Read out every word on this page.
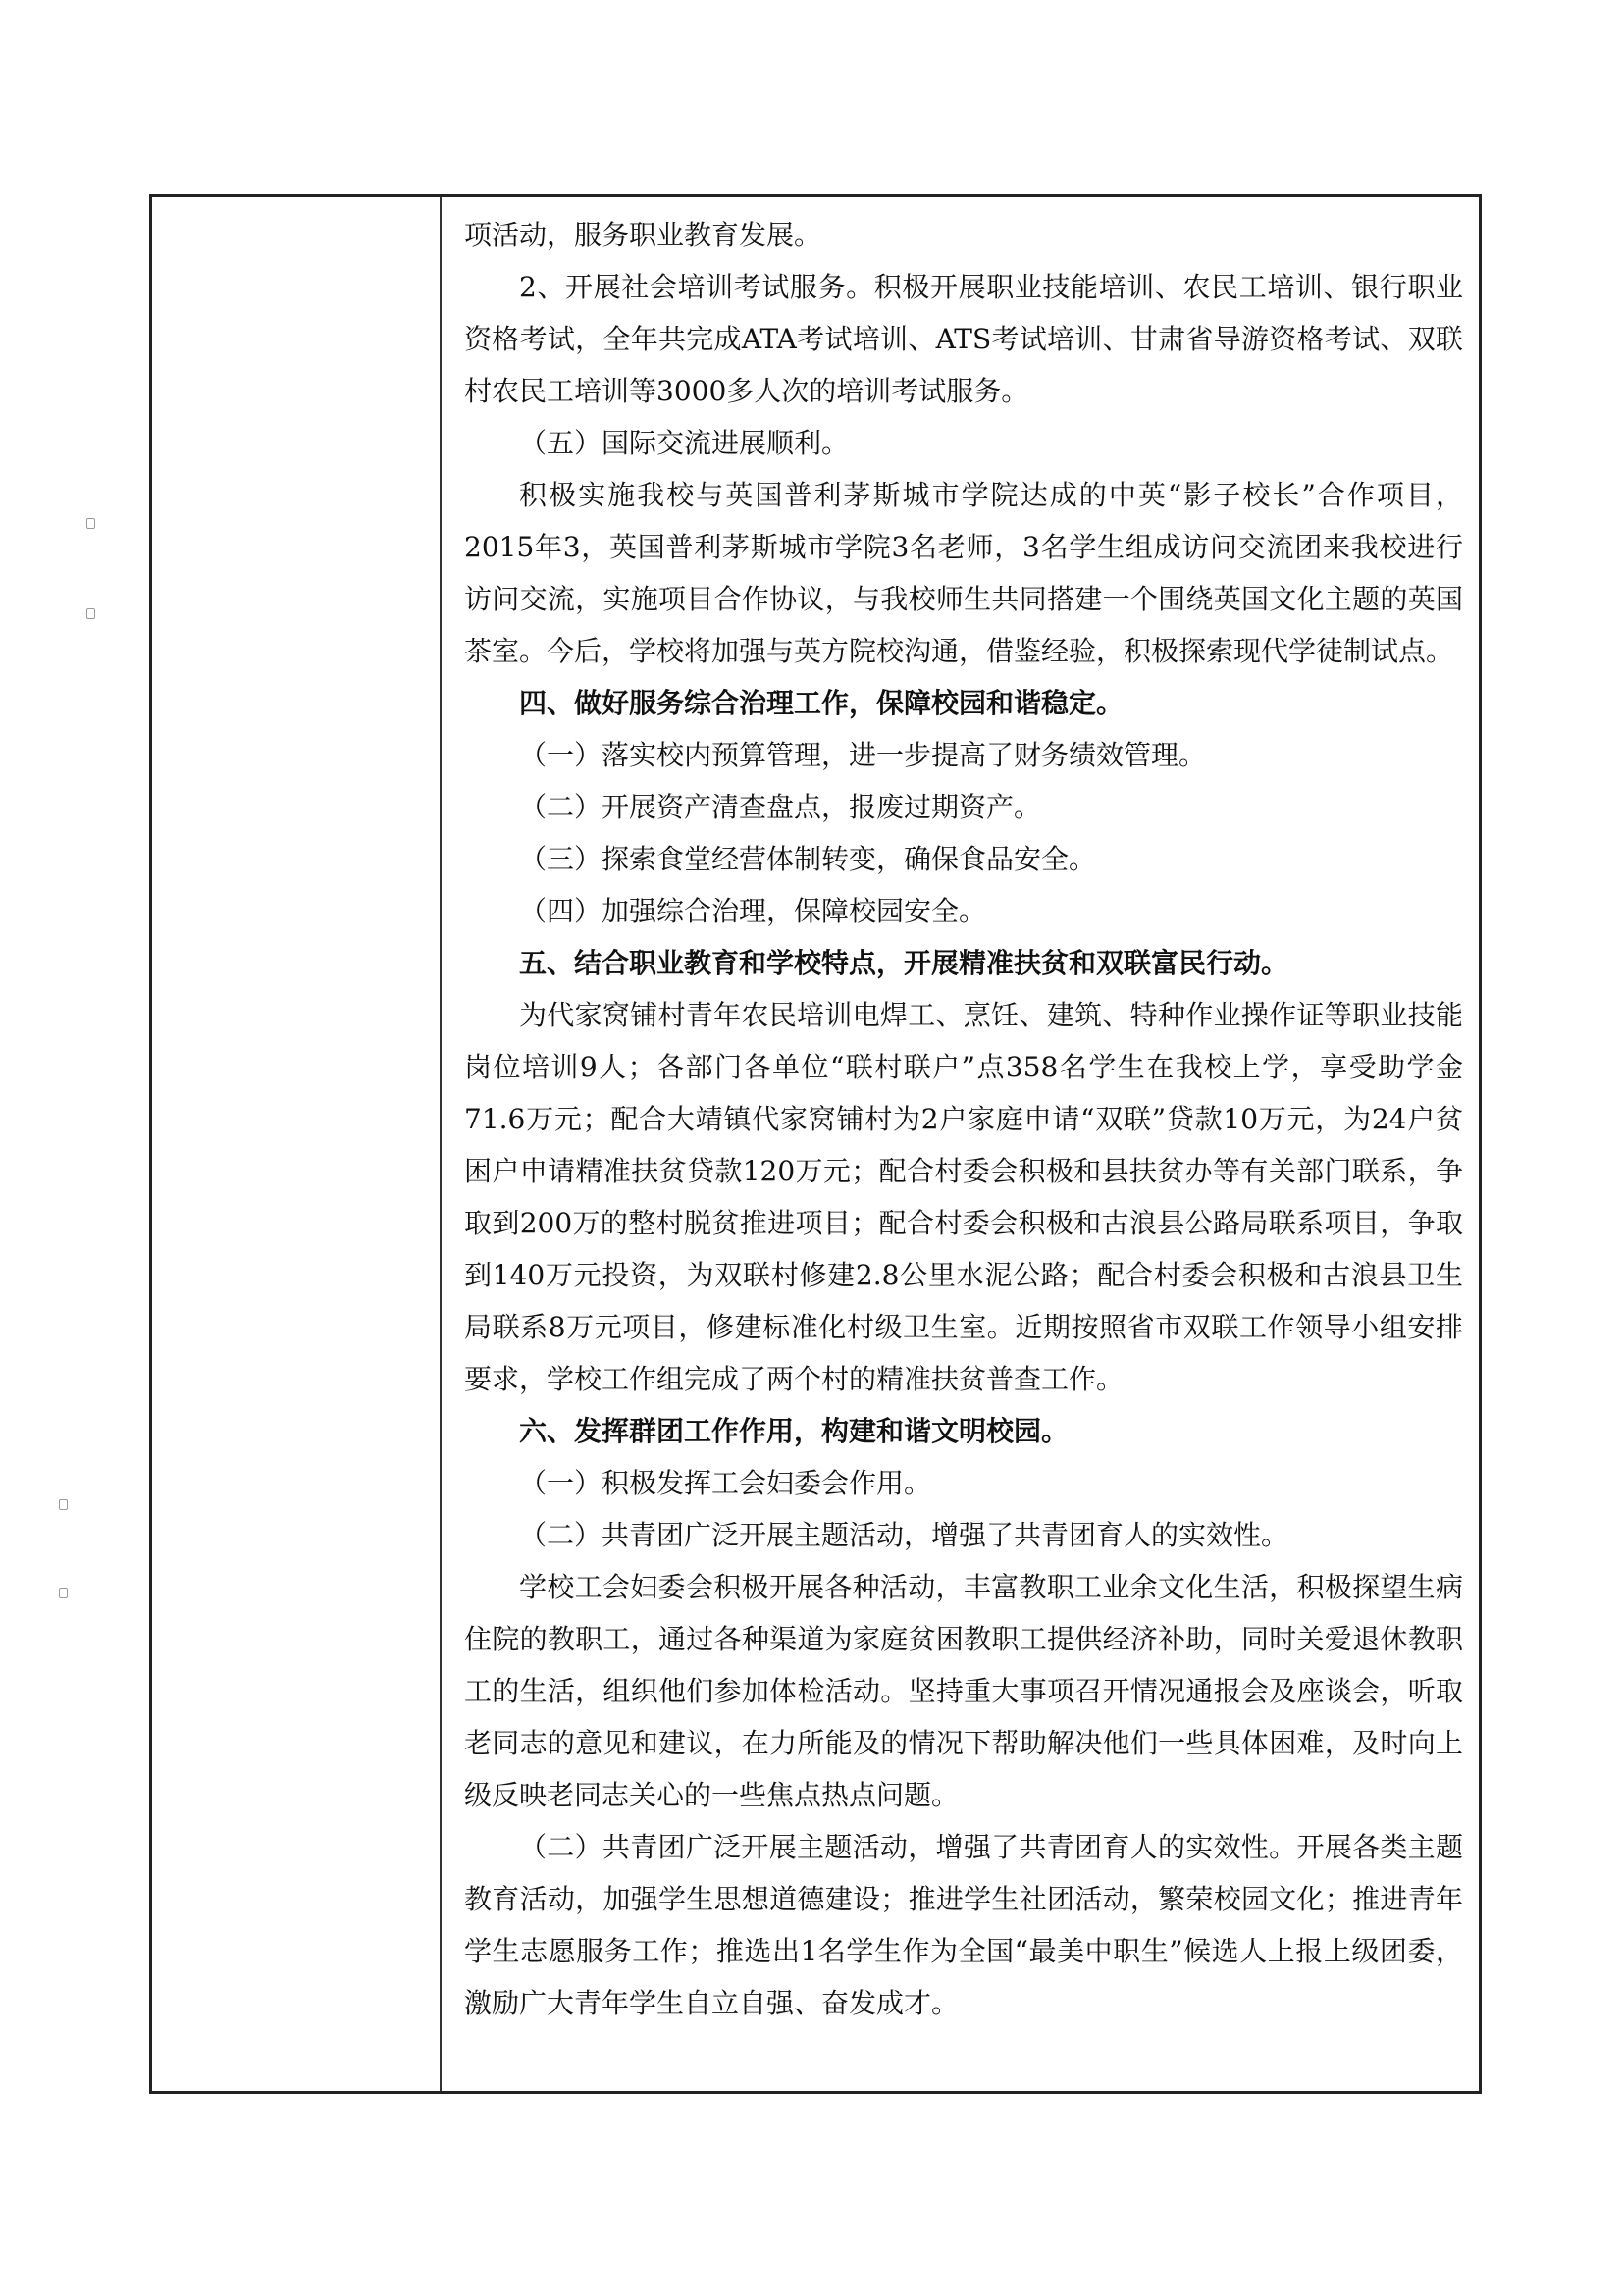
项活动，服务职业教育发展。

2、开展社会培训考试服务。积极开展职业技能培训、农民工培训、银行职业资格考试，全年共完成ATA考试培训、ATS考试培训、甘肃省导游资格考试、双联村农民工培训等3000多人次的培训考试服务。

（五）国际交流进展顺利。

积极实施我校与英国普利茅斯城市学院达成的中英“影子校长”合作项目，2015年3，英国普利茅斯城市学院3名老师，3名学生组成访问交流团来我校进行访问交流，实施项目合作协议，与我校师生共同搭建一个围绕英国文化主题的英国茶室。今后，学校将加强与英方院校沟通，借鉴经验，积极探索现代学徒制试点。

四、做好服务综合治理工作，保障校园和谐稳定。

（一）落实校内预算管理，进一步提高了财务绩效管理。

（二）开展资产清查盘点，报废过期资产。

（三）探索食堂经营体制转变，确保食品安全。

（四）加强综合治理，保障校园安全。

五、结合职业教育和学校特点，开展精准扶贫和双联富民行动。

为代家窝铺村青年农民培训电焊工、烹饪、建筑、特种作业操作证等职业技能岗位培训9人；各部门各单位“联村联户”点358名学生在我校上学，享受助学金71.6万元；配合大靖镇代家窝铺村为2户家庭申请“双联”贷款10万元，为24户贫困户申请精准扶贫贷款120万元；配合村委会积极和县扶贫办等有关部门联系，争取到200万的整村脱贫推进项目；配合村委会积极和古浪县公路局联系项目，争取到140万元投资，为双联村修建2.8公里水泥公路；配合村委会积极和古浪县卫生局联系8万元项目，修建标准化村级卫生室。近期按照省市双联工作领导小组安排要求，学校工作组完成了两个村的精准扶贫普查工作。

六、发挥群团工作作用，构建和谐文明校园。

（一）积极发挥工会妇委会作用。

（二）共青团广泛开展主题活动，增强了共青团育人的实效性。

学校工会妇委会积极开展各种活动，丰富教职工业余文化生活，积极探望生病住院的教职工，通过各种渠道为家庭贫困教职工提供经济补助，同时关爱退休教职工的生活，组织他们参加体检活动。坚持重大事项召开情况通报会及座谈会，听取老同志的意见和建议，在力所能及的情况下帮助解决他们一些具体困难，及时向上级反映老同志关心的一些焦点热点问题。

（二）共青团广泛开展主题活动，增强了共青团育人的实效性。开展各类主题教育活动，加强学生思想道德建设；推进学生社团活动，繁荣校园文化；推进青年学生志愿服务工作；推选出1名学生作为全国“最美中职生”候选人上报上级团委，激励广大青年学生自立自强、奋发成才。
